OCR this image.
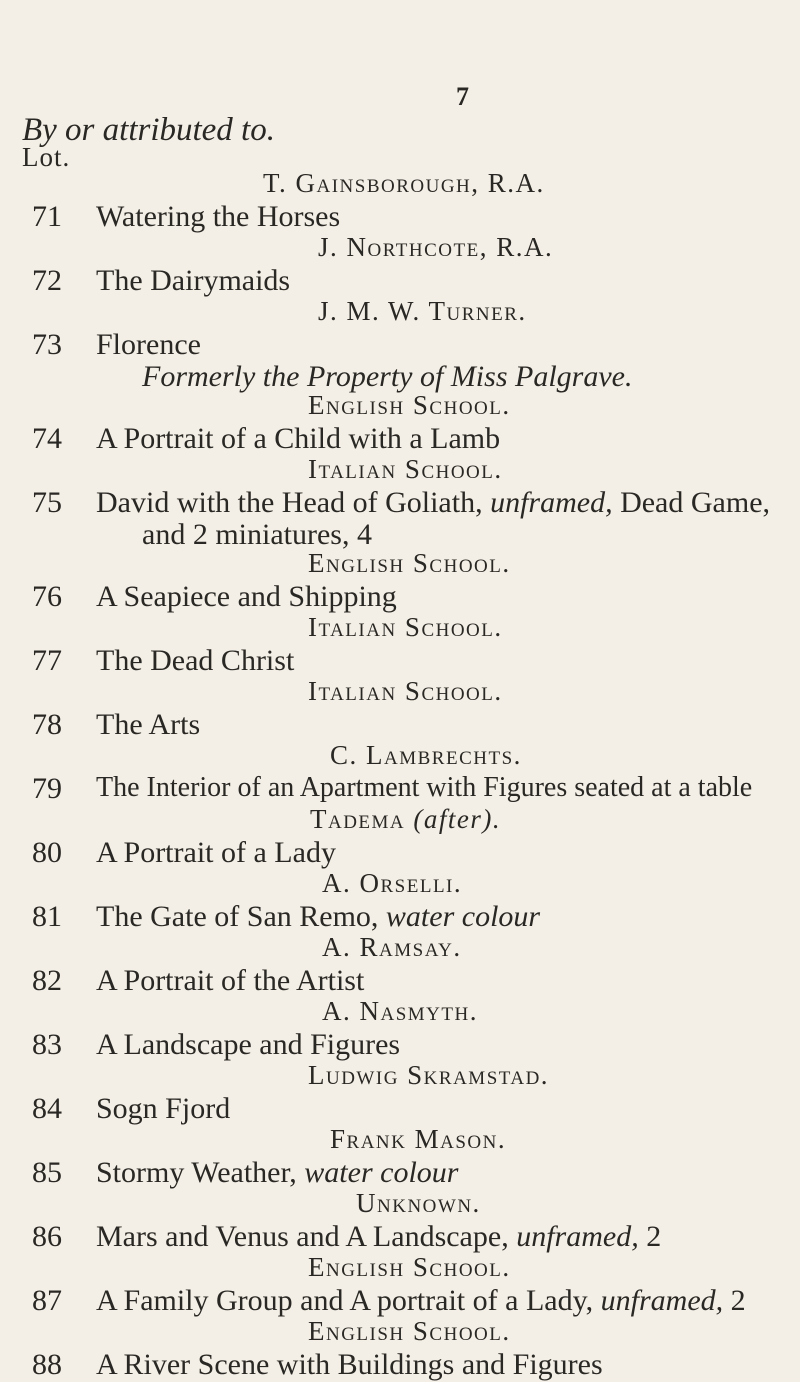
7
By or attributed to.
Lot.
T. Gainsborough, R.A.
71 Watering the Horses
J. Northcote, R.A.
72 The Dairymaids
J. M. W. Turner.
73 Florence
Formerly the Property of Miss Palgrave.
English School.
74 A Portrait of a Child with a Lamb
Italian School.
75 David with the Head of Goliath, unframed, Dead Game,
and 2 miniatures, 4
English School.
76 A Seapiece and Shipping
Italian School.
77 The Dead Christ
Italian School.
78 The Arts
C. Lambrechts.
79 The Interior of an Apartment with Figures seated at a table
Tadema (after).
80 A Portrait of a Lady
A. Orselli.
81 The Gate of San Remo, water colour
A. Ramsay.
82 A Portrait of the Artist
A. Nasmyth.
83 A Landscape and Figures
Ludwig Skramstad.
84 Sogn Fjord
Frank Mason.
85 Stormy Weather, water colour
Unknown.
86 Mars and Venus and A Landscape, unframed, 2
English School.
87 A Family Group and A portrait of a Lady, unframed, 2
English School.
88 A River Scene with Buildings and Figures
